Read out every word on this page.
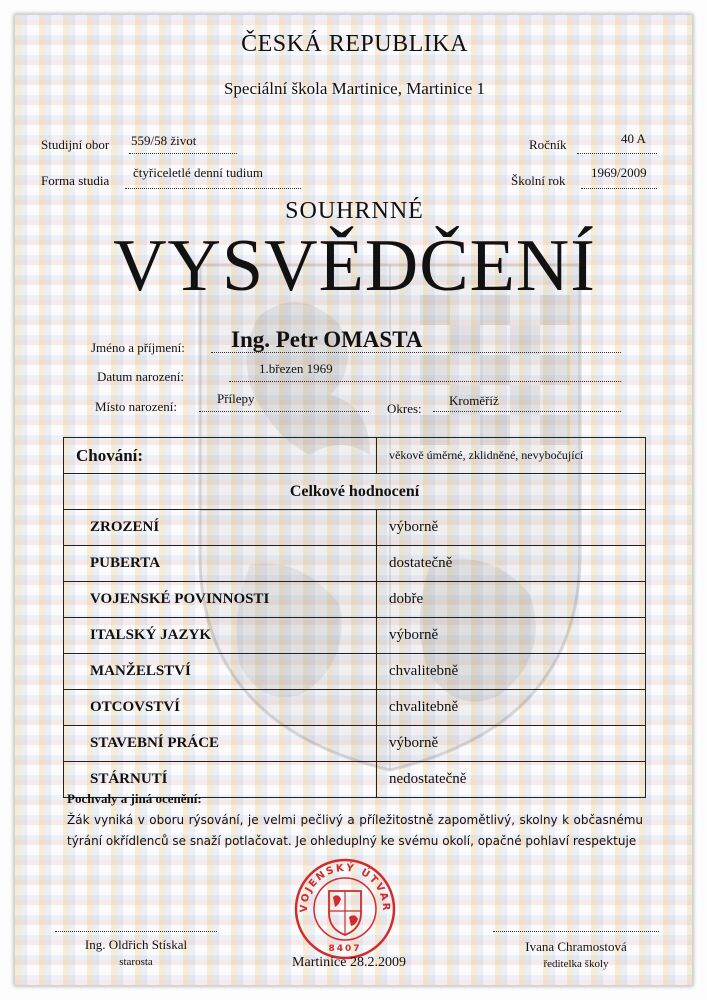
ČESKÁ REPUBLIKA
Speciální škola Martinice, Martinice 1
Studijní obor 559/58 život
Forma studia
čtyřiceletlé denní tudium
Ročník	40 A
Školní rok
1969/2009
SOUHRNNÉ
VYSVĚDČENÍ
Jméno a příjmení: Ing. Petr OMASTA
Datum narození:
1.březen 1969
Místo narození:
Přílepy
Okres:
Kroměříž
Chování:	věkově úměrné, zklidněné, nevybočující
Celkové hodnocení	
ZROZENÍ	výborně
PUBERTA	dostatečně
VOJENSKÉ POVINNOSTI	dobře
ITALSKÝ JAZYK	výborně
MANŽELSTVÍ	chvalitebně
OTCOVSTVÍ	chvalitebně
STAVEBNÍ PRÁCE	výborně
STÁRNUTÍ	nedostatečně
Pochvaly a jiná ocenění:
Žák vyniká v oboru rýsování, je velmi pečlivý a příležitostně zapomětlivý, skolny k občasnému týrání okřídlenců se snaží potlačovat. Je ohleduplný ke svému okolí, opačné pohlaví respektuje
VOJENSKÝ ÚTVAR
8407
Ing. Oldřich Stískal
starosta	Martinice 28.2.2009
Ivana Chramostová
ředitelka školy
